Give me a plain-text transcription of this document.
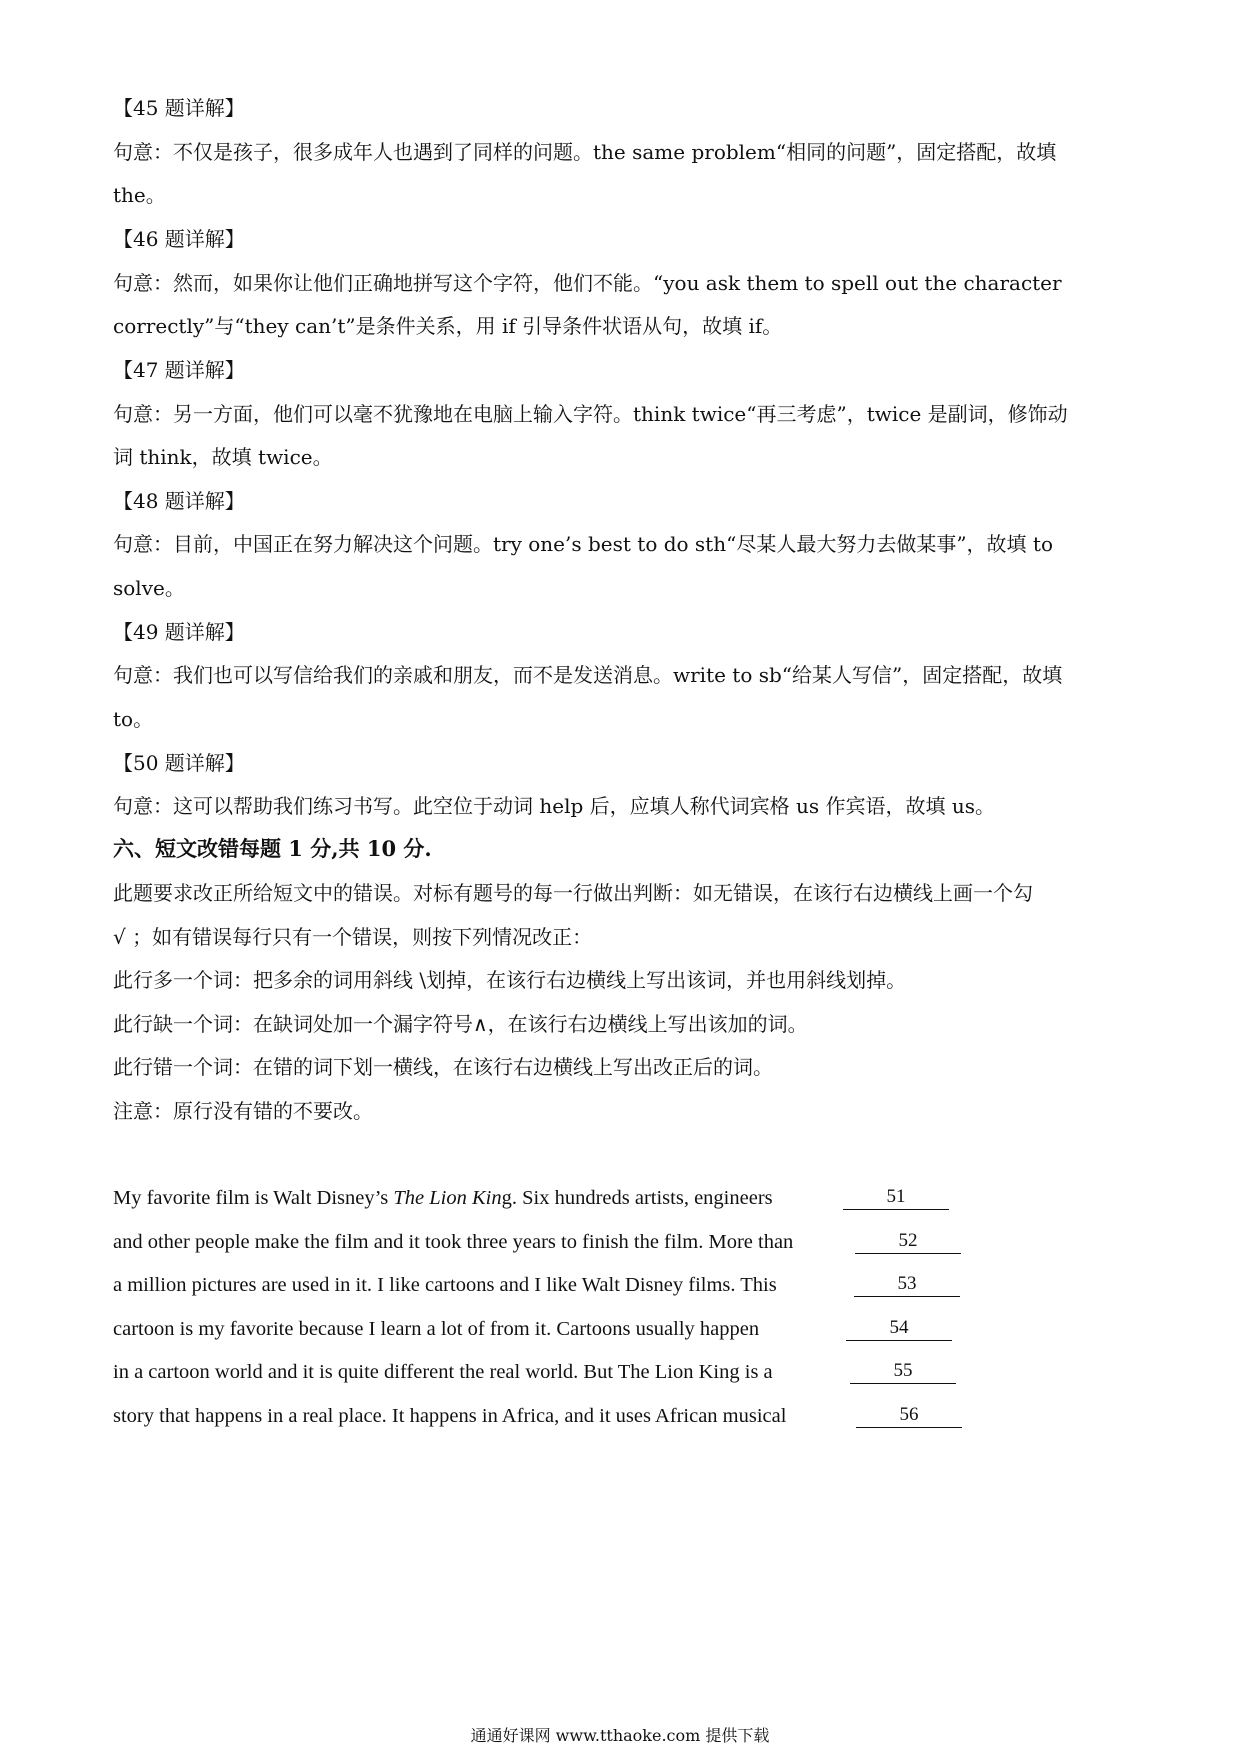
【45 题详解】
句意：不仅是孩子，很多成年人也遇到了同样的问题。the same problem“相同的问题”，固定搭配，故填
the。
【46 题详解】
句意：然而，如果你让他们正确地拼写这个字符，他们不能。“you ask them to spell out the character
correctly”与“they can’t”是条件关系，用 if 引导条件状语从句，故填 if。
【47 题详解】
句意：另一方面，他们可以毫不犹豫地在电脑上输入字符。think twice“再三考虑”，twice 是副词，修饰动
词 think，故填 twice。
【48 题详解】
句意：目前，中国正在努力解决这个问题。try one’s best to do sth“尽某人最大努力去做某事”，故填 to
solve。
【49 题详解】
句意：我们也可以写信给我们的亲戚和朋友，而不是发送消息。write to sb“给某人写信”，固定搭配，故填
to。
【50 题详解】
句意：这可以帮助我们练习书写。此空位于动词 help 后，应填人称代词宾格 us 作宾语，故填 us。
六、短文改错每题 1 分,共 10 分.
此题要求改正所给短文中的错误。对标有题号的每一行做出判断：如无错误，在该行右边横线上画一个勾
√ ；如有错误每行只有一个错误，则按下列情况改正：
此行多一个词：把多余的词用斜线 \划掉，在该行右边横线上写出该词，并也用斜线划掉。
此行缺一个词：在缺词处加一个漏字符号∧，在该行右边横线上写出该加的词。
此行错一个词：在错的词下划一横线，在该行右边横线上写出改正后的词。
注意：原行没有错的不要改。
My favorite film is Walt Disney’s The Lion King. Six hundreds artists, engineers	51
and other people make the film and it took three years to finish the film. More than	52
a million pictures are used in it. I like cartoons and I like Walt Disney films. This	53
cartoon is my favorite because I learn a lot of from it. Cartoons usually happen	54
in a cartoon world and it is quite different the real world. But The Lion King is a	55
story that happens in a real place. It happens in Africa, and it uses African musical	56
通通好课网 www.tthaoke.com 提供下载
